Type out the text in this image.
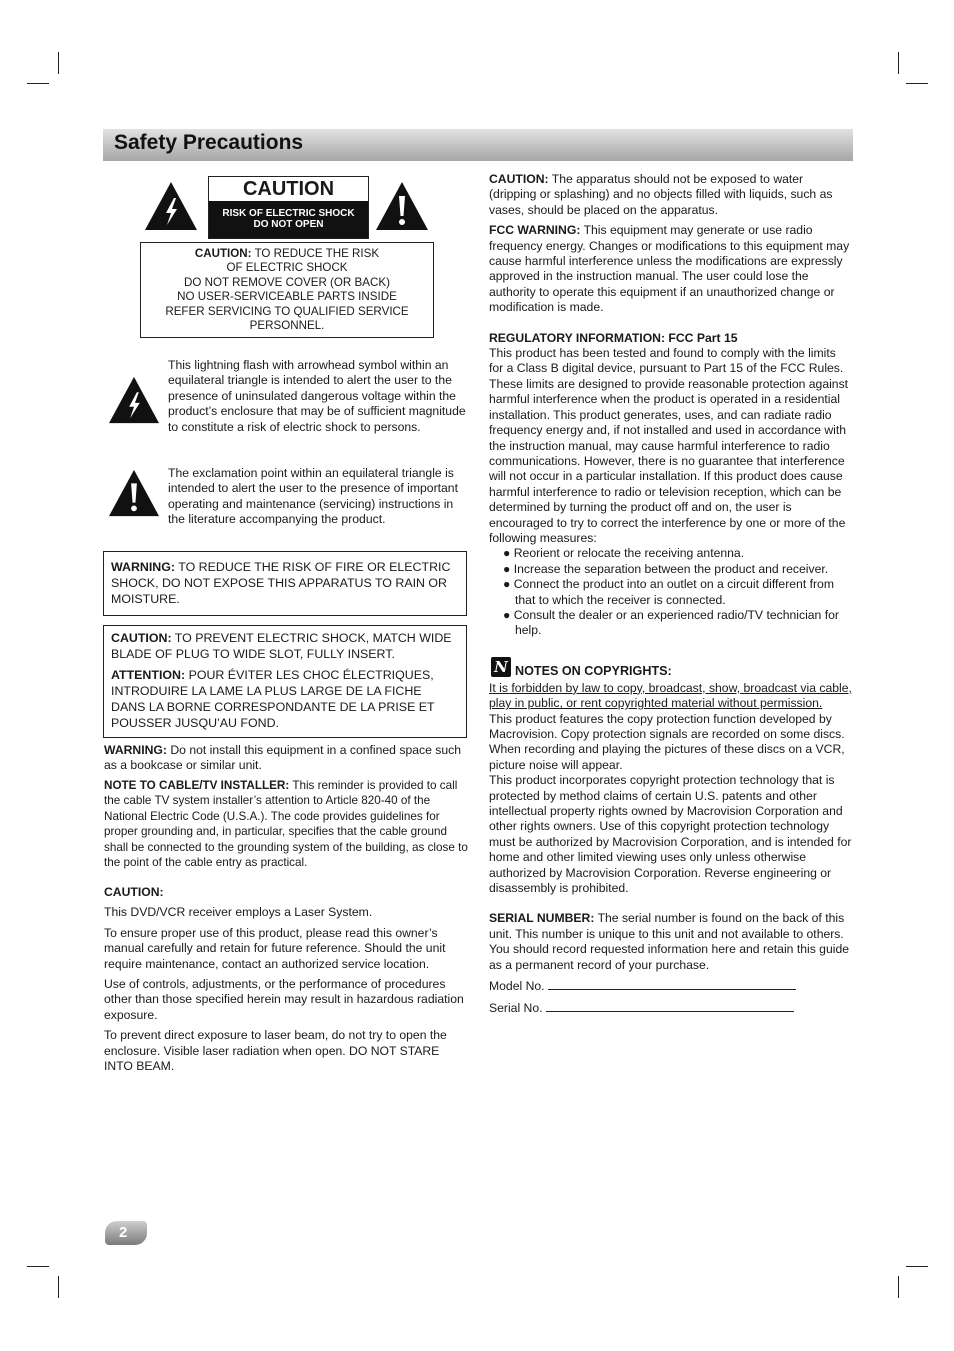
Safety Precautions
CAUTION
RISK OF ELECTRIC SHOCK
DO NOT OPEN
CAUTION: TO REDUCE THE RISK
OF ELECTRIC SHOCK
DO NOT REMOVE COVER (OR BACK)
NO USER-SERVICEABLE PARTS INSIDE
REFER SERVICING TO QUALIFIED SERVICE
PERSONNEL.

This lightning flash with arrowhead symbol within an equilateral triangle is intended to alert the user to the presence of uninsulated dangerous voltage within the product’s enclosure that may be of sufficient magnitude to constitute a risk of electric shock to persons.

The exclamation point within an equilateral triangle is intended to alert the user to the presence of important operating and maintenance (servicing) instructions in the literature accompanying the product.

WARNING: TO REDUCE THE RISK OF FIRE OR ELECTRIC SHOCK, DO NOT EXPOSE THIS APPARATUS TO RAIN OR MOISTURE.

CAUTION: TO PREVENT ELECTRIC SHOCK, MATCH WIDE BLADE OF PLUG TO WIDE SLOT, FULLY INSERT.

ATTENTION: POUR ÉVITER LES CHOC ÉLECTRIQUES, INTRODUIRE LA LAME LA PLUS LARGE DE LA FICHE DANS LA BORNE CORRESPONDANTE DE LA PRISE ET POUSSER JUSQU’AU FOND.

WARNING: Do not install this equipment in a confined space such as a bookcase or similar unit.

NOTE TO CABLE/TV INSTALLER: This reminder is provided to call the cable TV system installer’s attention to Article 820-40 of the National Electric Code (U.S.A.). The code provides guidelines for proper grounding and, in particular, specifies that the cable ground shall be connected to the grounding system of the building, as close to the point of the cable entry as practical.

CAUTION:

This DVD/VCR receiver employs a Laser System.

To ensure proper use of this product, please read this owner’s manual carefully and retain for future reference. Should the unit require maintenance, contact an authorized service location.

Use of controls, adjustments, or the performance of procedures other than those specified herein may result in hazardous radiation exposure.

To prevent direct exposure to laser beam, do not try to open the enclosure. Visible laser radiation when open. DO NOT STARE INTO BEAM.

CAUTION: The apparatus should not be exposed to water (dripping or splashing) and no objects filled with liquids, such as vases, should be placed on the apparatus.

FCC WARNING: This equipment may generate or use radio frequency energy. Changes or modifications to this equipment may cause harmful interference unless the modifications are expressly approved in the instruction manual. The user could lose the authority to operate this equipment if an unauthorized change or modification is made.

REGULATORY INFORMATION: FCC Part 15

This product has been tested and found to comply with the limits for a Class B digital device, pursuant to Part 15 of the FCC Rules. These limits are designed to provide reasonable protection against harmful interference when the product is operated in a residential installation. This product generates, uses, and can radiate radio frequency energy and, if not installed and used in accordance with the instruction manual, may cause harmful interference to radio communications. However, there is no guarantee that interference will not occur in a particular installation. If this product does cause harmful interference to radio or television reception, which can be determined by turning the product off and on, the user is encouraged to try to correct the interference by one or more of the following measures:

● Reorient or relocate the receiving antenna.

● Increase the separation between the product and receiver.

● Connect the product into an outlet on a circuit different from that to which the receiver is connected.

● Consult the dealer or an experienced radio/TV technician for help.

N NOTES ON COPYRIGHTS:

It is forbidden by law to copy, broadcast, show, broadcast via cable, play in public, or rent copyrighted material without permission.

This product features the copy protection function developed by Macrovision. Copy protection signals are recorded on some discs. When recording and playing the pictures of these discs on a VCR, picture noise will appear.

This product incorporates copyright protection technology that is protected by method claims of certain U.S. patents and other intellectual property rights owned by Macrovision Corporation and other rights owners. Use of this copyright protection technology must be authorized by Macrovision Corporation, and is intended for home and other limited viewing uses only unless otherwise authorized by Macrovision Corporation. Reverse engineering or disassembly is prohibited.

SERIAL NUMBER: The serial number is found on the back of this unit. This number is unique to this unit and not available to others. You should record requested information here and retain this guide as a permanent record of your purchase.

Model No.

Serial No.

2
